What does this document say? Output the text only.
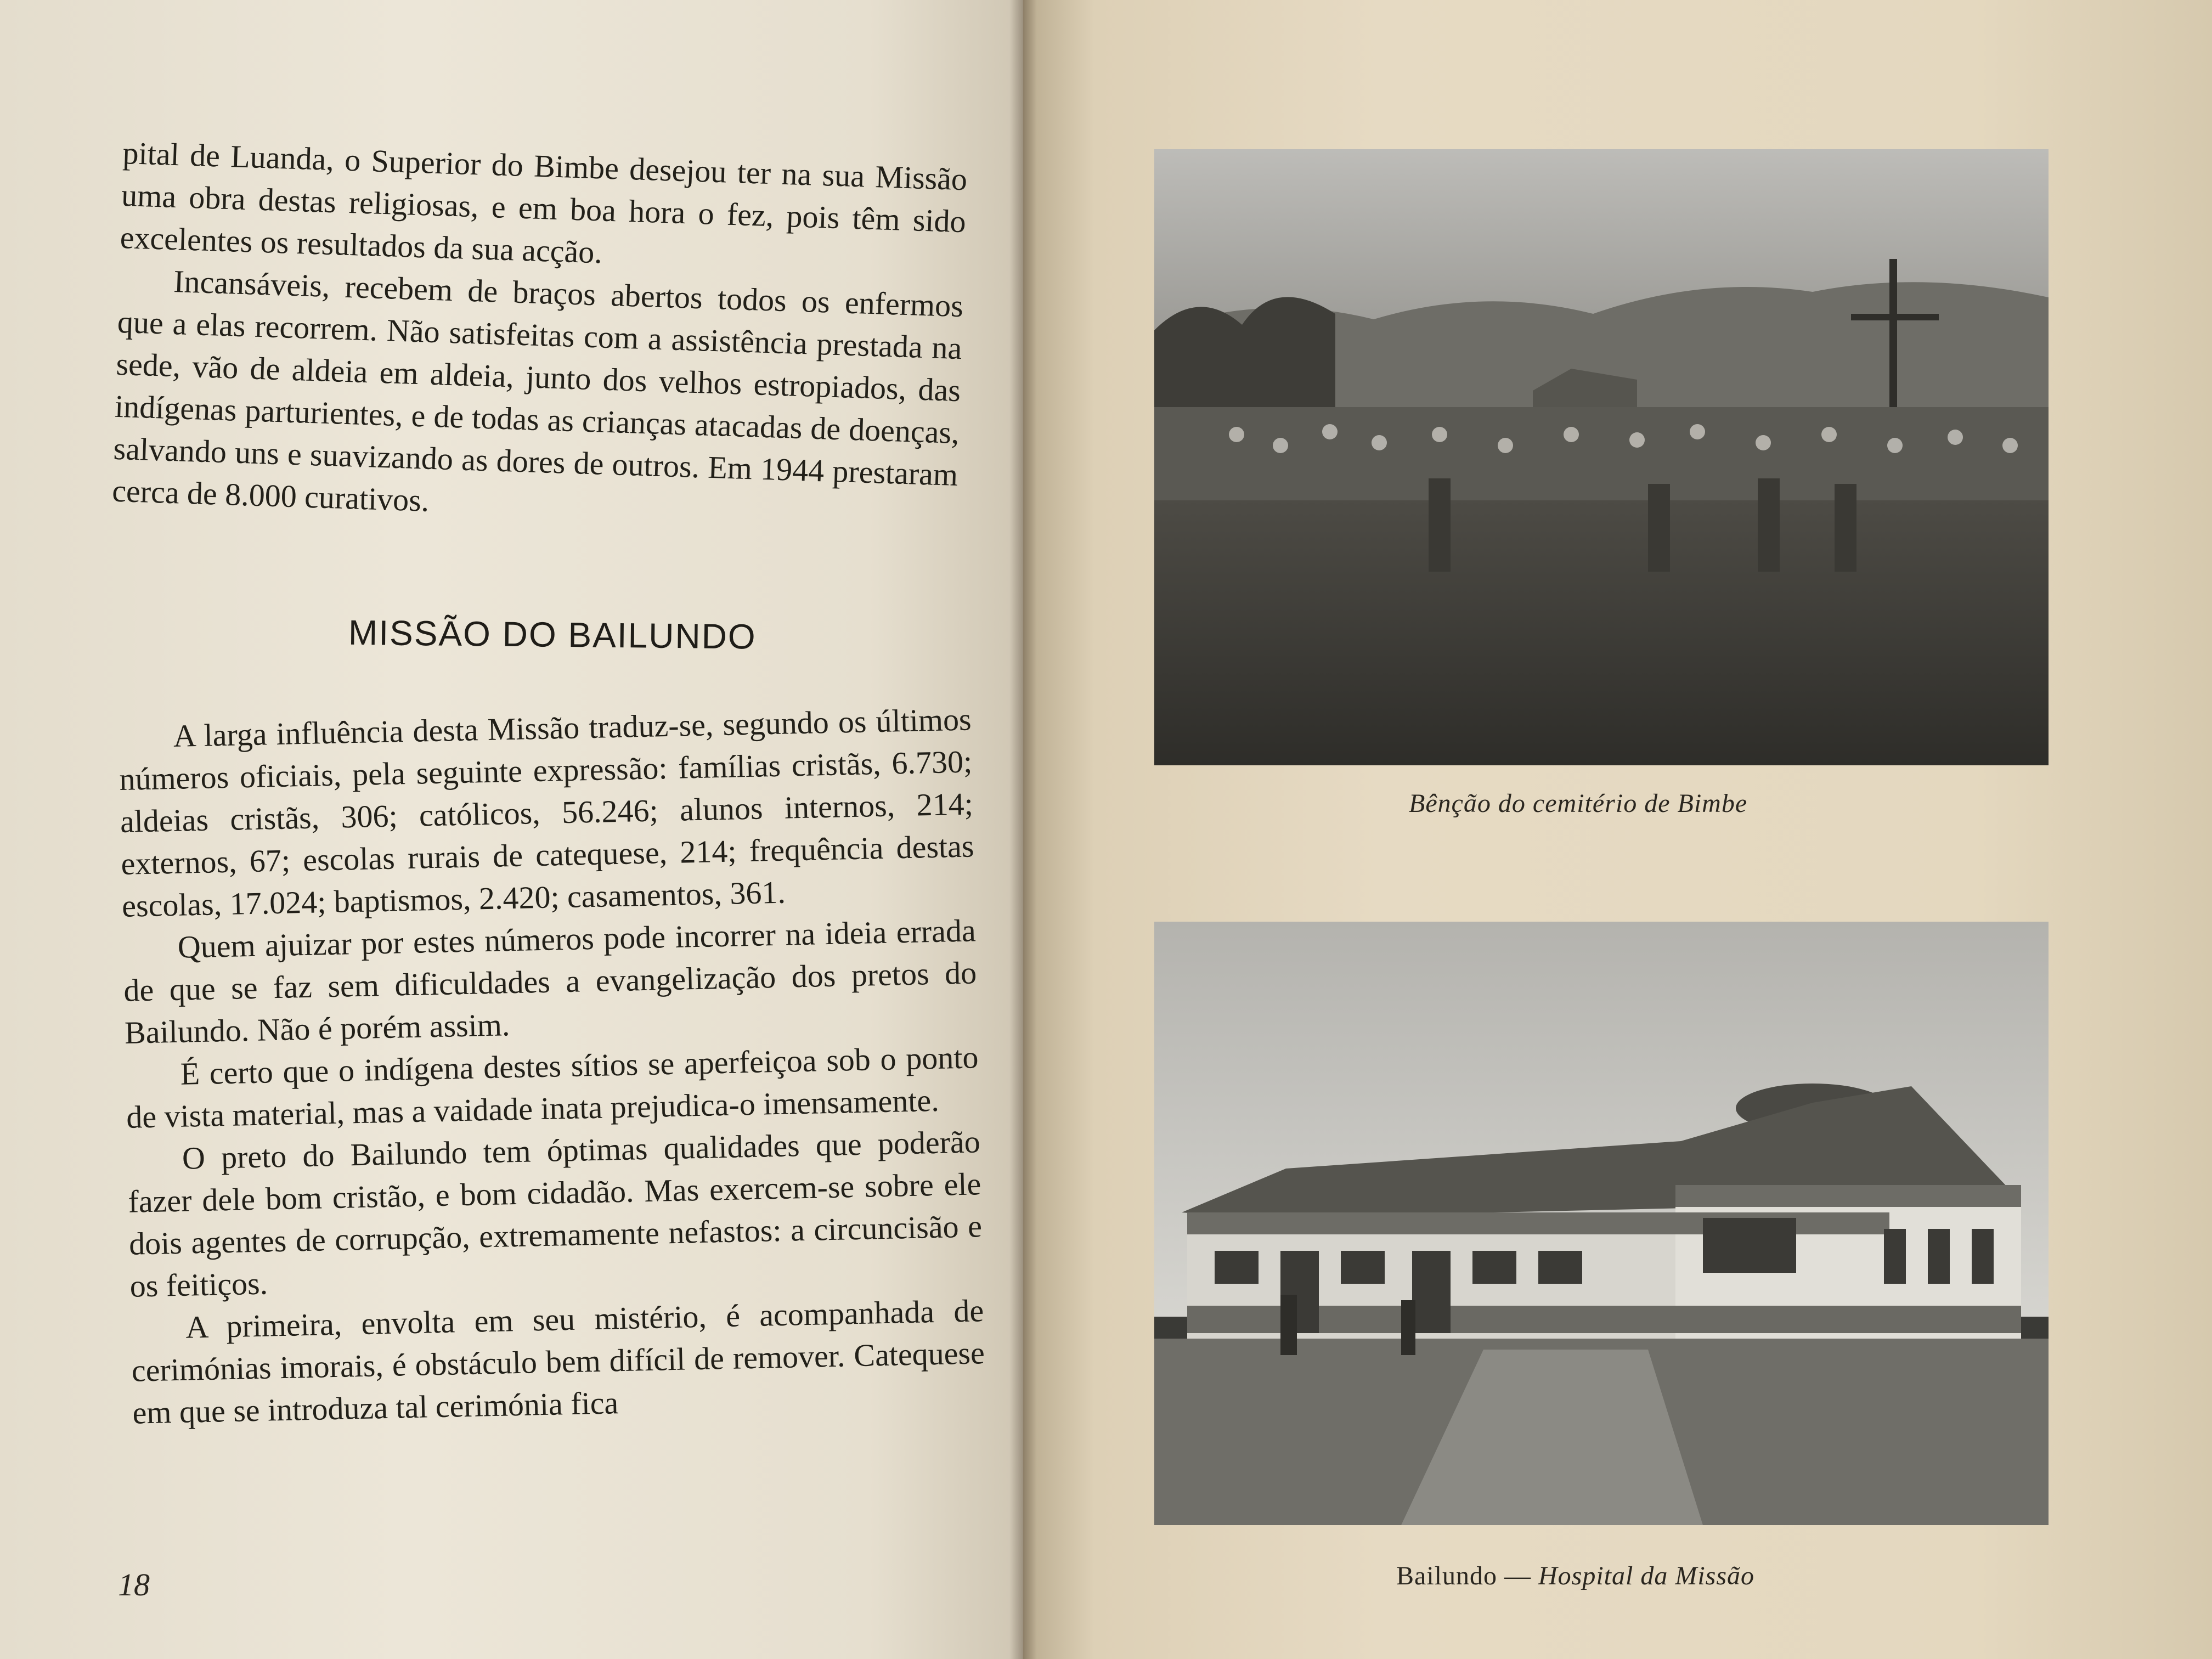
pital de Luanda, o Superior do Bimbe desejou ter na sua Missão uma obra destas religiosas, e em boa hora o fez, pois têm sido excelentes os resultados da sua acção.

Incansáveis, recebem de braços abertos todos os enfermos que a elas recorrem. Não satisfeitas com a assistência prestada na sede, vão de aldeia em aldeia, junto dos velhos estropiados, das indígenas parturientes, e de todas as crianças atacadas de doenças, salvando uns e suavizando as dores de outros. Em 1944 prestaram cerca de 8.000 curativos.

MISSÃO DO BAILUNDO

A larga influência desta Missão traduz-se, segundo os últimos números oficiais, pela seguinte expressão: famílias cristãs, 6.730; aldeias cristãs, 306; católicos, 56.246; alunos internos, 214; externos, 67; escolas rurais de catequese, 214; frequência destas escolas, 17.024; baptismos, 2.420; casamentos, 361.

Quem ajuizar por estes números pode incorrer na ideia errada de que se faz sem dificuldades a evangelização dos pretos do Bailundo. Não é porém assim.

É certo que o indígena destes sítios se aperfeiçoa sob o ponto de vista material, mas a vaidade inata prejudica-o imensamente.

O preto do Bailundo tem óptimas qualidades que poderão fazer dele bom cristão, e bom cidadão. Mas exercem-se sobre ele dois agentes de corrupção, extremamente nefastos: a circuncisão e os feitiços.

A primeira, envolta em seu mistério, é acompanhada de cerimónias imorais, é obstáculo bem difícil de remover. Catequese em que se introduza tal cerimónia fica

18
Bênção do cemitério de Bimbe
Bailundo — Hospital da Missão
